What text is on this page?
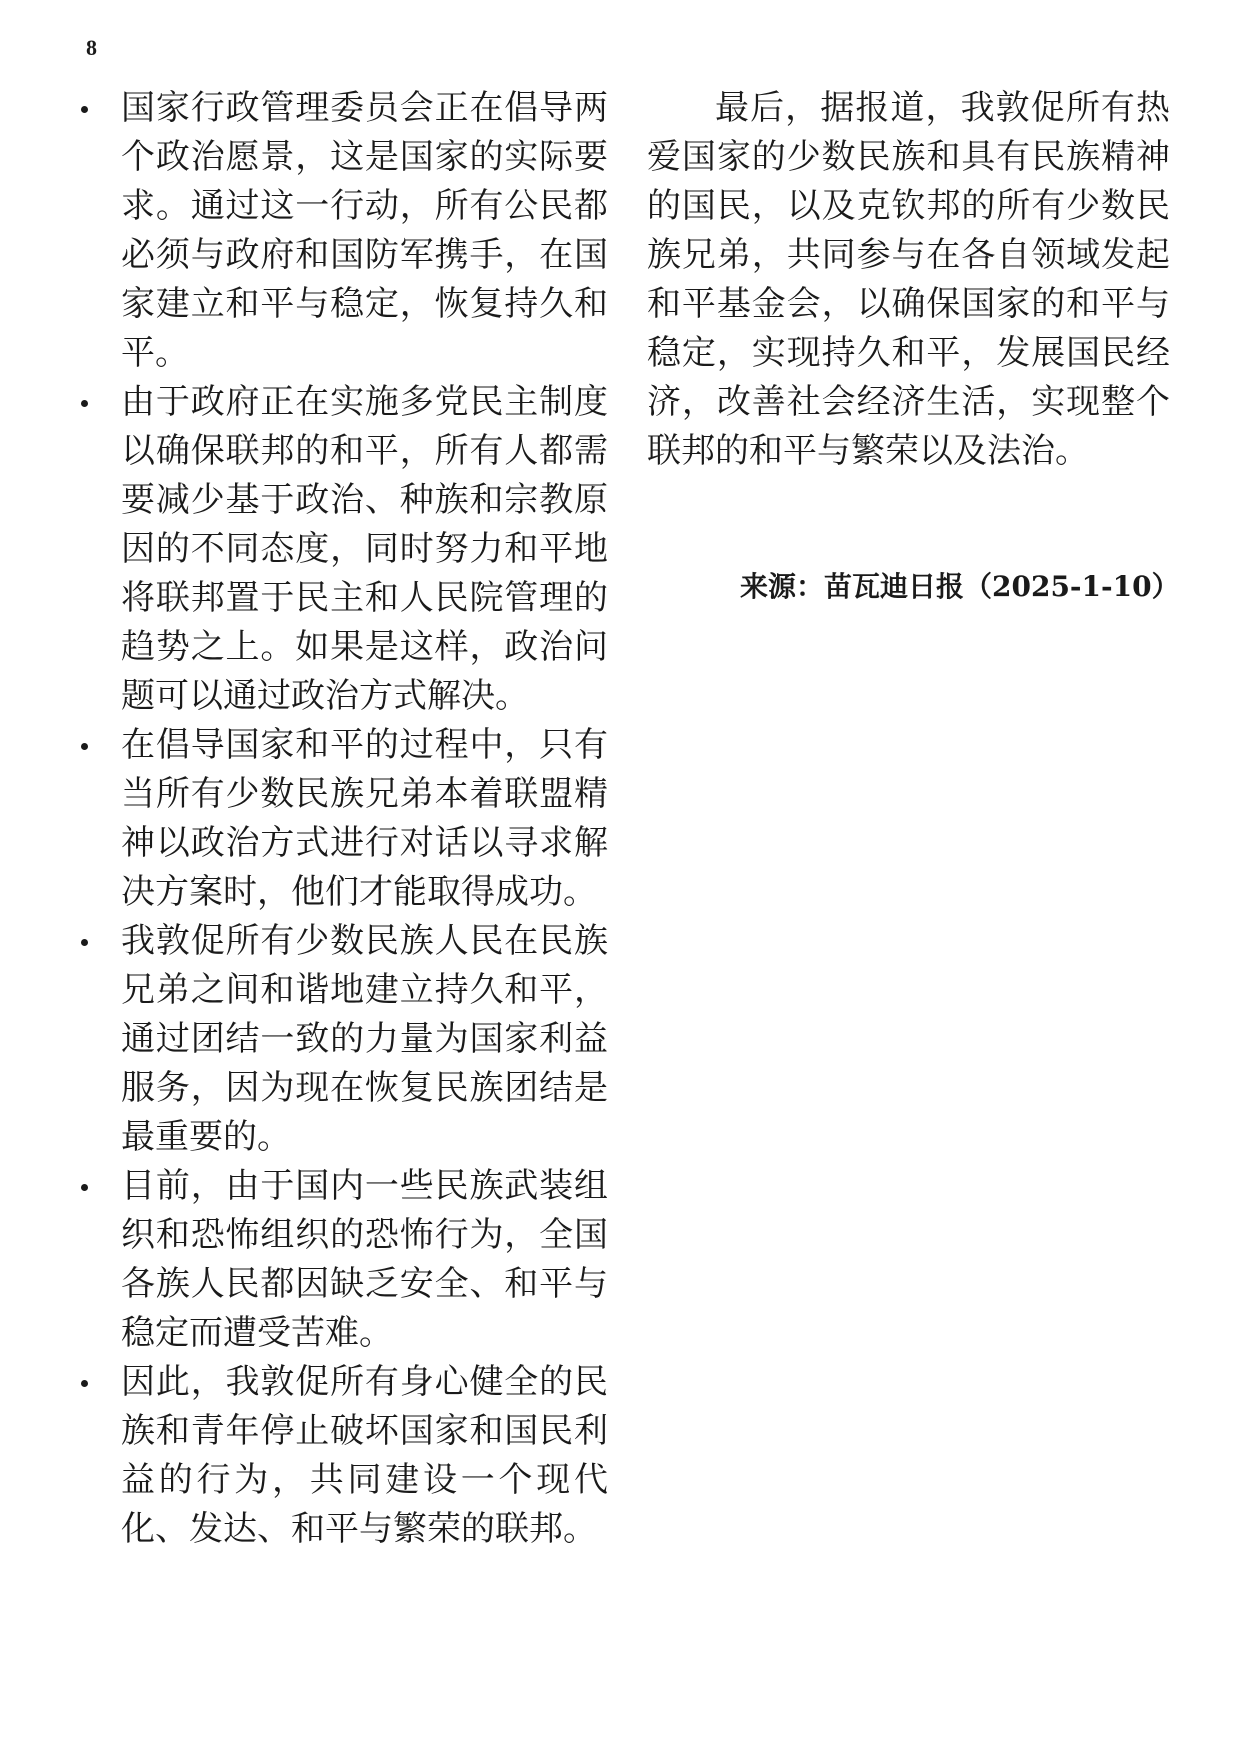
8
国家行政管理委员会正在倡导两个政治愿景，这是国家的实际要求。通过这一行动，所有公民都必须与政府和国防军携手，在国家建立和平与稳定，恢复持久和平。
由于政府正在实施多党民主制度以确保联邦的和平，所有人都需要减少基于政治、种族和宗教原因的不同态度，同时努力和平地将联邦置于民主和人民院管理的趋势之上。如果是这样，政治问题可以通过政治方式解决。
在倡导国家和平的过程中，只有当所有少数民族兄弟本着联盟精神以政治方式进行对话以寻求解决方案时，他们才能取得成功。
我敦促所有少数民族人民在民族兄弟之间和谐地建立持久和平，通过团结一致的力量为国家利益服务，因为现在恢复民族团结是最重要的。
目前，由于国内一些民族武装组织和恐怖组织的恐怖行为，全国各族人民都因缺乏安全、和平与稳定而遭受苦难。
因此，我敦促所有身心健全的民族和青年停止破坏国家和国民利益的行为，共同建设一个现代化、发达、和平与繁荣的联邦。

最后，据报道，我敦促所有热爱国家的少数民族和具有民族精神的国民，以及克钦邦的所有少数民族兄弟，共同参与在各自领域发起和平基金会，以确保国家的和平与稳定，实现持久和平，发展国民经济，改善社会经济生活，实现整个联邦的和平与繁荣以及法治。

来源：苗瓦迪日报（2025-1-10）
